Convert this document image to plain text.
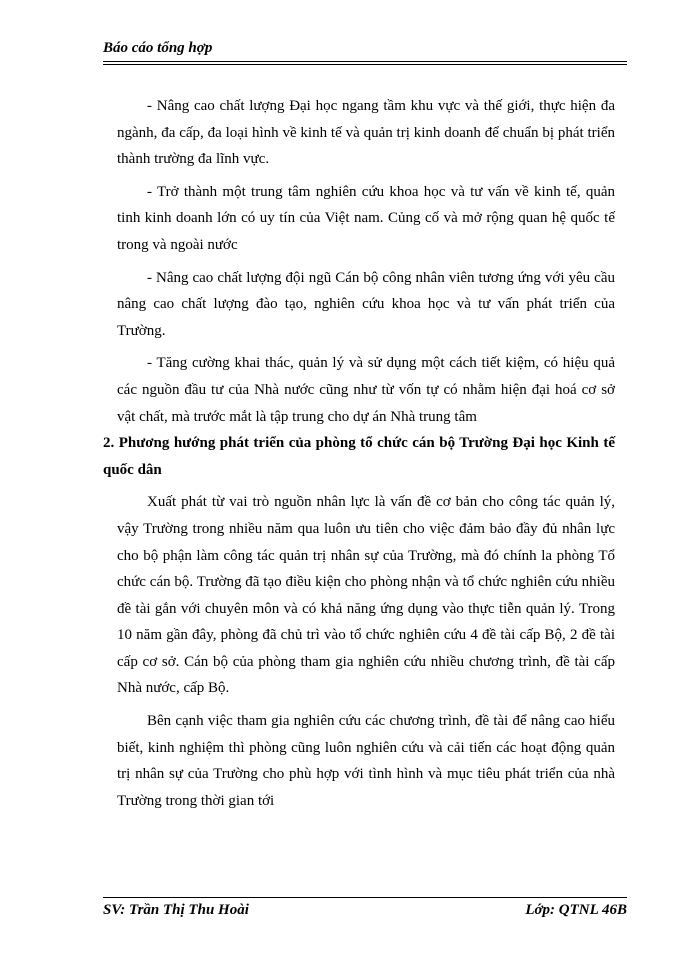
Báo cáo tổng hợp

- Nâng cao chất lượng Đại học ngang tầm khu vực và thế giới, thực hiện đa ngành, đa cấp, đa loại hình về kinh tế và quản trị kinh doanh để chuẩn bị phát triển thành trường đa lĩnh vực.

- Trở thành một trung tâm nghiên cứu khoa học và tư vấn về kinh tế, quản tinh kinh doanh lớn có uy tín của Việt nam. Củng cố và mở rộng quan hệ quốc tế trong và ngoài nước

- Nâng cao chất lượng đội ngũ Cán bộ công nhân viên tương ứng với yêu cầu nâng cao chất lượng đào tạo, nghiên cứu khoa học và tư vấn phát triển của Trường.

- Tăng cường khai thác, quản lý và sử dụng một cách tiết kiệm, có hiệu quả các nguồn đầu tư của Nhà nước cũng như từ vốn tự có nhằm hiện đại hoá cơ sở vật chất, mà trước mắt là tập trung cho dự án Nhà trung tâm

2. Phương hướng phát triển của phòng tổ chức cán bộ Trường Đại học Kinh tế quốc dân

Xuất phát từ vai trò nguồn nhân lực là vấn đề cơ bản cho công tác quản lý, vậy Trường trong nhiều năm qua luôn ưu tiên cho việc đảm bảo đầy đủ nhân lực cho bộ phận làm công tác quản trị nhân sự của Trường, mà đó chính la phòng Tổ chức cán bộ. Trường đã tạo điều kiện cho phòng nhận và tổ chức nghiên cứu nhiều đề tài gắn với chuyên môn và có khả năng ứng dụng vào thực tiễn quản lý. Trong 10 năm gần đây, phòng đã chủ trì vào tổ chức nghiên cứu 4 đề tài cấp Bộ, 2 đề tài cấp cơ sở. Cán bộ của phòng tham gia nghiên cứu nhiều chương trình, đề tài cấp Nhà nước, cấp Bộ.

Bên cạnh việc tham gia nghiên cứu các chương trình, đề tài để nâng cao hiểu biết, kinh nghiệm thì phòng cũng luôn nghiên cứu và cải tiến các hoạt động quản trị nhân sự của Trường cho phù hợp với tình hình và mục tiêu phát triển của nhà Trường trong thời gian tới

SV: Trần Thị Thu Hoài	Lớp: QTNL 46B
